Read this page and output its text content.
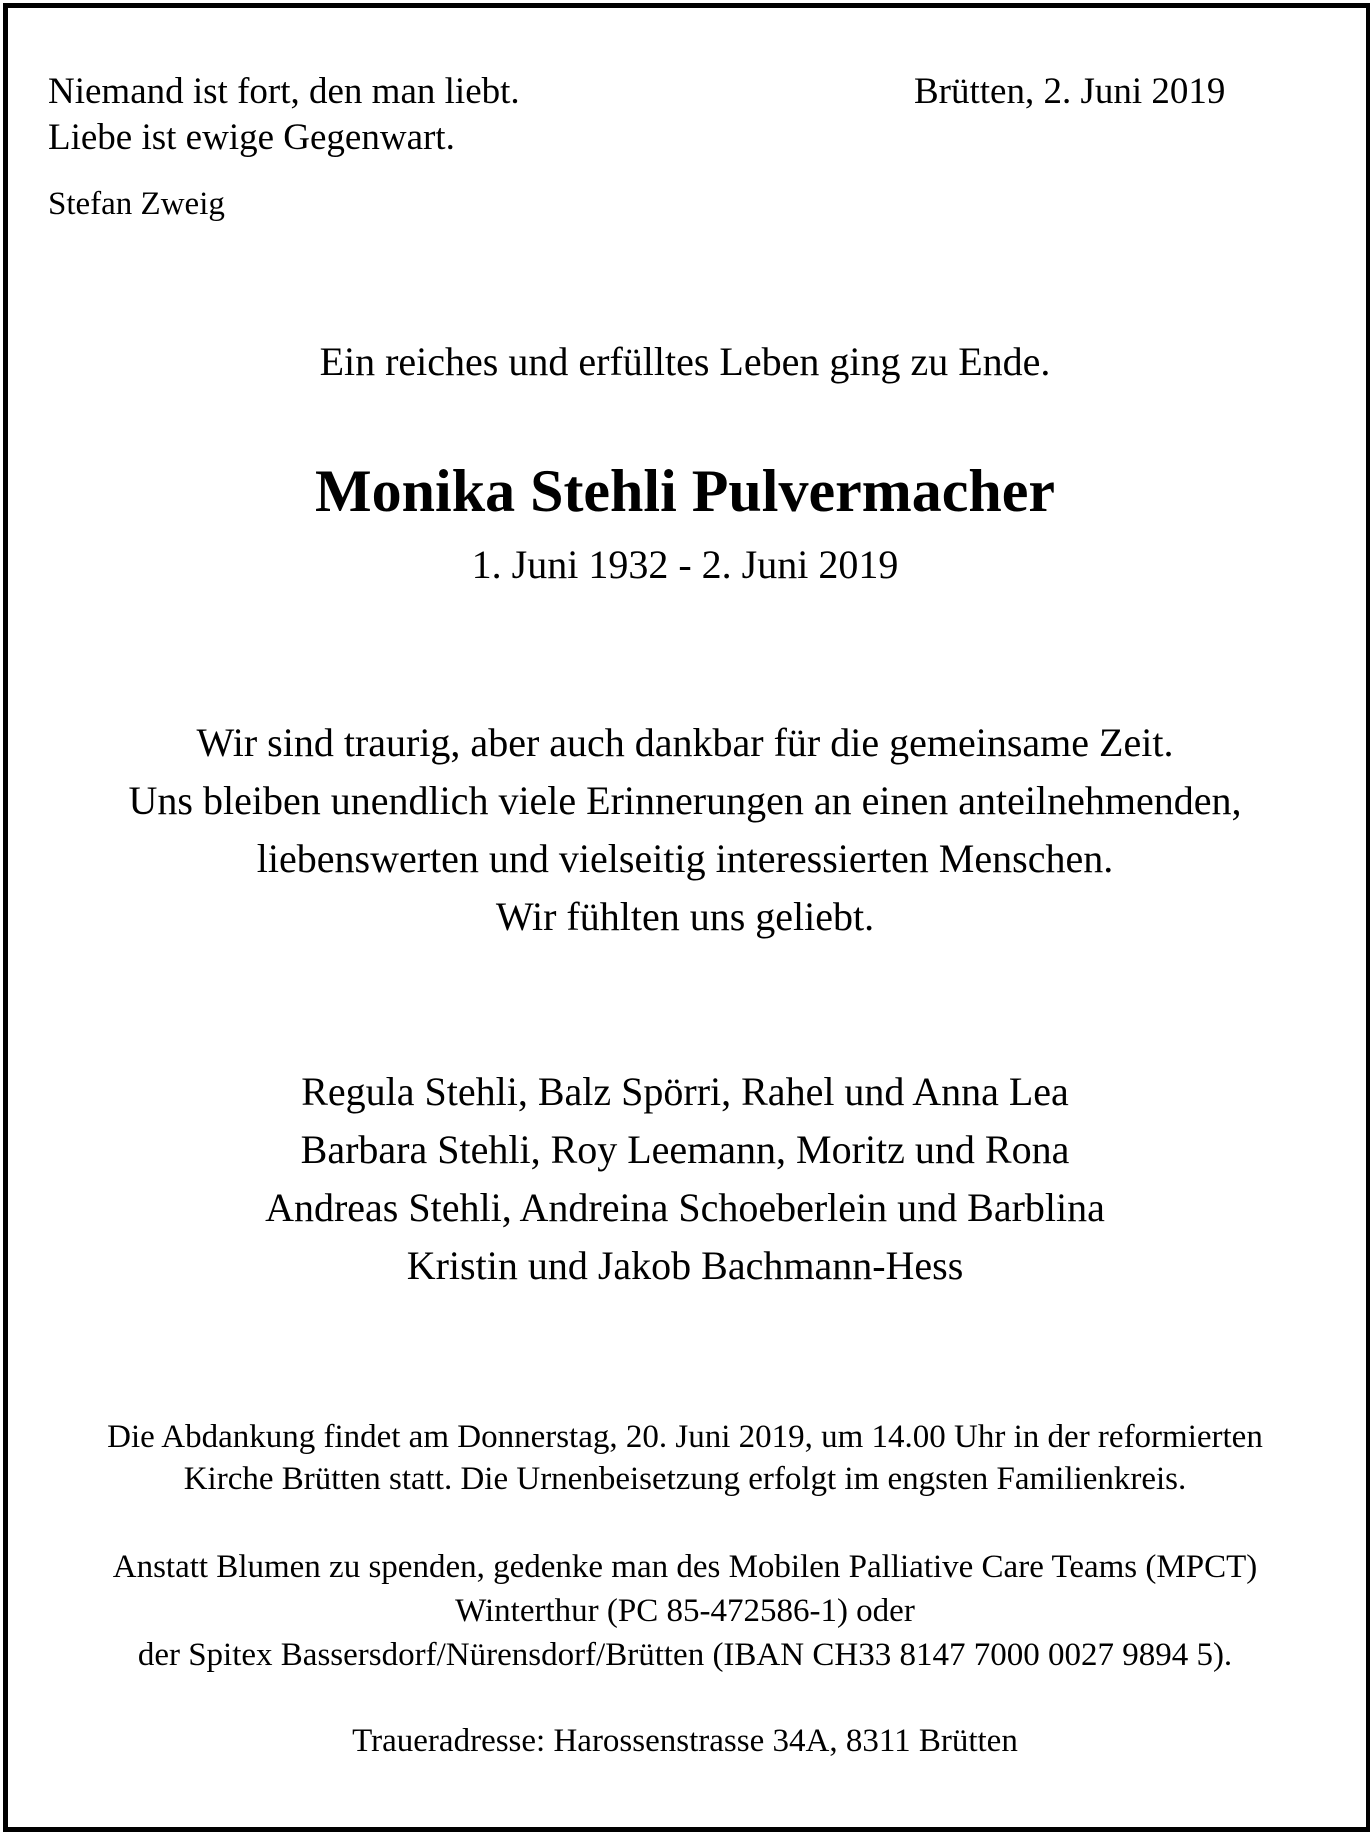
Niemand ist fort, den man liebt.
Liebe ist ewige Gegenwart.
Stefan Zweig
Brütten, 2. Juni 2019
Ein reiches und erfülltes Leben ging zu Ende.
Monika Stehli Pulvermacher
1. Juni 1932 - 2. Juni 2019
Wir sind traurig, aber auch dankbar für die gemeinsame Zeit.
Uns bleiben unendlich viele Erinnerungen an einen anteilnehmenden,
liebenswerten und vielseitig interessierten Menschen.
Wir fühlten uns geliebt.
Regula Stehli, Balz Spörri, Rahel und Anna Lea
Barbara Stehli, Roy Leemann, Moritz und Rona
Andreas Stehli, Andreina Schoeberlein und Barblina
Kristin und Jakob Bachmann-Hess
Die Abdankung findet am Donnerstag, 20. Juni 2019, um 14.00 Uhr in der reformierten
Kirche Brütten statt. Die Urnenbeisetzung erfolgt im engsten Familienkreis.
Anstatt Blumen zu spenden, gedenke man des Mobilen Palliative Care Teams (MPCT)
Winterthur (PC 85-472586-1) oder
der Spitex Bassersdorf/Nürensdorf/Brütten (IBAN CH33 8147 7000 0027 9894 5).
Traueradresse: Harossenstrasse 34A, 8311 Brütten
